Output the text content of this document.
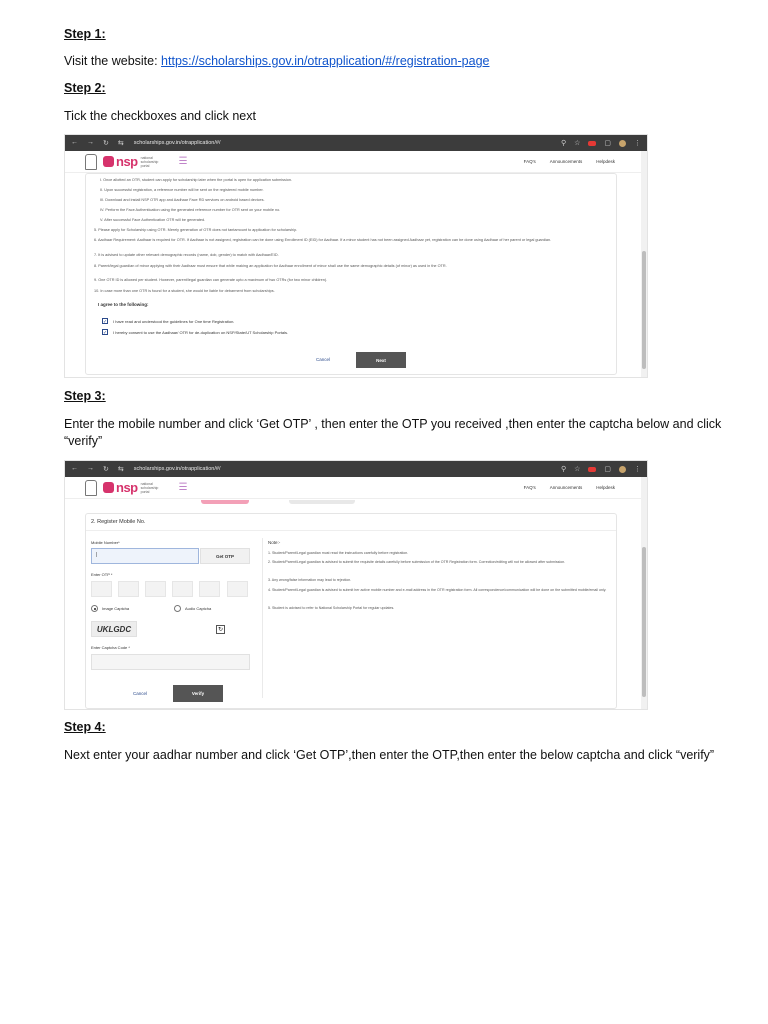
Step 1:
Visit the website: https://scholarships.gov.in/otrapplication/#/registration-page
Step 2:
Tick the checkboxes and click next
← → ↻ ⇆ scholarships.gov.in/otrapplication/#/	⚲ ☆	▢	⋮
nsp national scholarship portal	☰	FAQ's	Announcements	Helpdesk
I. Once allotted an OTR, student can apply for scholarship later when the portal is open for application submission.
II. Upon successful registration, a reference number will be sent on the registered mobile number.
III. Download and install NSP OTR app and Aadhaar Face RD services on android based devices.
IV. Perform the Face Authentication using the generated reference number for OTR sent on your mobile no.
V. After successful Face Authentication OTR will be generated.
5. Please apply for Scholarship using OTR. Merely generation of OTR does not tantamount to application for scholarship.
6. Aadhaar Requirement: Aadhaar is required for OTR. If Aadhaar is not assigned, registration can be done using Enrollment ID (EID) for Aadhaar. If a minor student has not been assigned Aadhaar yet, registration can be done using Aadhaar of her parent or legal guardian.
7. It is advised to update other relevant demographic records (name, dob, gender) to match with Aadhaar/EID.
8. Parent/legal guardian of minor applying with their Aadhaar must ensure that while making an application for Aadhaar enrollment of minor shall use the same demographic details (of minor) as used in the OTR.
9. One OTR ID is allowed per student. However, parent/legal guardian can generate upto a maximum of two OTRs (for two minor children).
10. In case more than one OTR is found for a student, she would be liable for debarment from scholarships.
I agree to the following:
✓ I have read and understood the guidelines for One time Registration.
✓ I hereby consent to use the Aadhaar/ OTR for de-duplication on NSP/State/UT Scholarship Portals.
Cancel	Next
Step 3:
Enter the mobile number and click ‘Get OTP’ , then enter the OTP you received ,then enter the captcha below and click “verify”
← → ↻ ⇆ scholarships.gov.in/otrapplication/#/	⚲ ☆	▢	⋮
nsp national scholarship portal	☰	FAQ's	Announcements	Helpdesk
2. Register Mobile No.
Mobile Number*
|	Get OTP
Enter OTP *
Image Captcha	Audio Captcha
UKLGDC	↻
Enter Captcha Code *
Cancel	Verify
Note:-
1. Student/Parent/Legal guardian must read the instructions carefully before registration.
2. Student/Parent/Legal guardian is advised to submit the requisite details carefully before submission of the OTR Registration form. Correction/editing will not be allowed after submission.
3. Any wrong/false information may lead to rejection.
4. Student/Parent/Legal guardian is advised to submit her active mobile number and e-mail address in the OTR registration form. All correspondence/communication will be done on the submitted mobile/email only.
5. Student is advised to refer to National Scholarship Portal for regular updates.
Step 4:
Next enter your aadhar number and click ‘Get OTP’,then enter the OTP,then enter the below captcha and click “verify”
